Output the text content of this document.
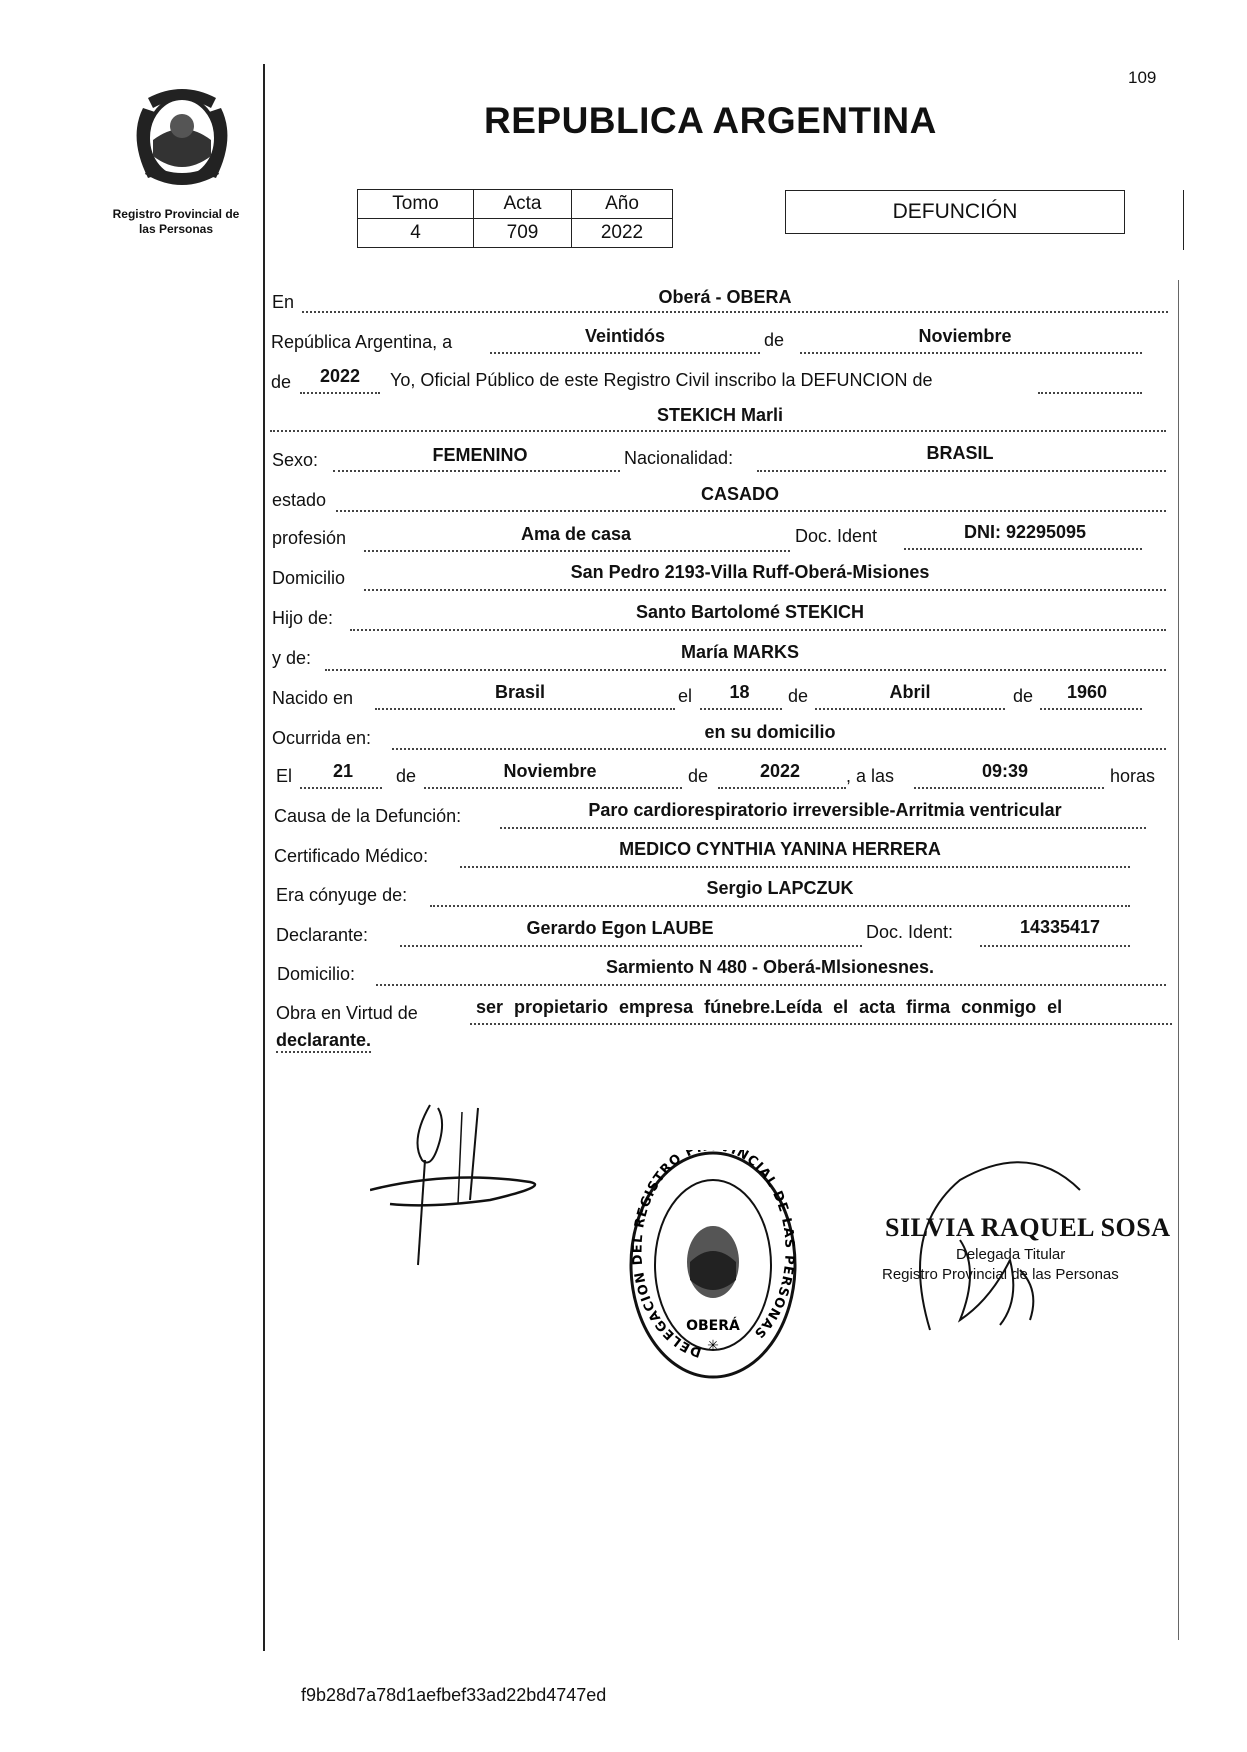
Registro Provincial de
las Personas
109
REPUBLICA ARGENTINA
Tomo	Acta	Año
4	709	2022
DEFUNCIÓN
En	Oberá - OBERA
República Argentina, a	Veintidós	de	Noviembre
de	2022	Yo, Oficial Público de este Registro Civil inscribo la DEFUNCION de
STEKICH Marli
Sexo:	FEMENINO	Nacionalidad:	BRASIL
estado	CASADO
profesión	Ama de casa	Doc. Ident	DNI: 92295095
Domicilio	San Pedro 2193-Villa Ruff-Oberá-Misiones
Hijo de:	Santo Bartolomé STEKICH
y de:	María MARKS
Nacido en	Brasil	el	18	de	Abril	de	1960
Ocurrida en:	en su domicilio
El	21	de	Noviembre	de	2022	, a las	09:39	horas
Causa de la Defunción:	Paro cardiorespiratorio irreversible-Arritmia ventricular
Certificado Médico:	MEDICO CYNTHIA YANINA HERRERA
Era cónyuge de:	Sergio LAPCZUK
Declarante:	Gerardo Egon LAUBE	Doc. Ident:	14335417
Domicilio:	Sarmiento N 480 - Oberá-Mlsionesnes.
Obra en Virtud de	ser propietario empresa fúnebre.Leída el acta firma conmigo el
declarante.
DELEGACION DEL REGISTRO P INCIAL DE LAS PERSONAS
OBERÁ
✳
SILVIA RAQUEL SOSA
Delegada Titular
Registro Provincial de las Personas
f9b28d7a78d1aefbef33ad22bd4747ed
